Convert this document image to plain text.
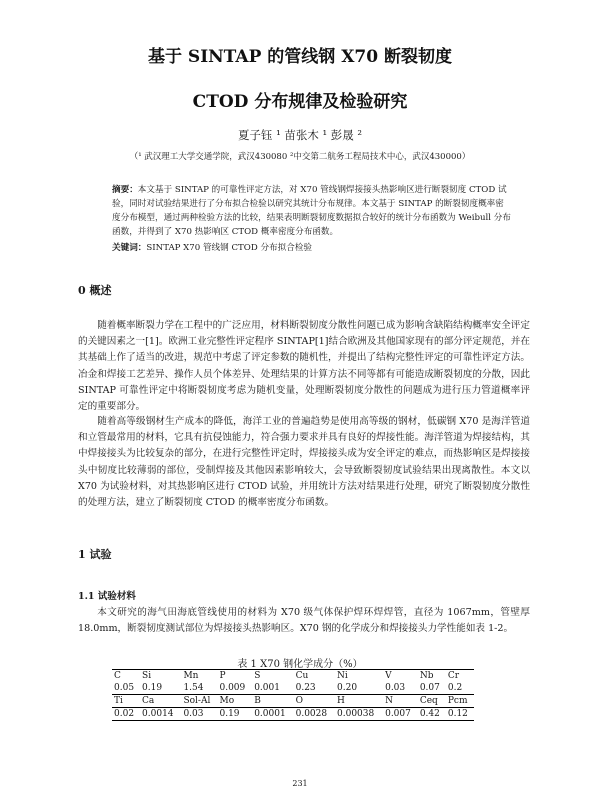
基于 SINTAP 的管线钢 X70 断裂韧度
CTOD 分布规律及检验研究
夏子钰 ¹ 苗张木 ¹ 彭晟 ²
（¹ 武汉理工大学交通学院，武汉430080 ²中交第二航务工程局技术中心，武汉430000）
摘要：本文基于 SINTAP 的可靠性评定方法，对 X70 管线钢焊接接头热影响区进行断裂韧度 CTOD 试验，同时对试验结果进行了分布拟合检验以研究其统计分布规律。本文基于 SINTAP 的断裂韧度概率密度分布模型，通过两种检验方法的比较，结果表明断裂韧度数据拟合较好的统计分布函数为 Weibull 分布函数，并得到了 X70 热影响区 CTOD 概率密度分布函数。
关键词：SINTAP X70 管线钢 CTOD 分布拟合检验
0 概述

随着概率断裂力学在工程中的广泛应用，材料断裂韧度分散性问题已成为影响含缺陷结构概率安全评定的关键因素之一[1]。欧洲工业完整性评定程序 SINTAP[1]结合欧洲及其他国家现有的部分评定规范，并在其基础上作了适当的改进，规范中考虑了评定参数的随机性，并提出了结构完整性评定的可靠性评定方法。冶金和焊接工艺差异、操作人员个体差异、处理结果的计算方法不同等都有可能造成断裂韧度的分散，因此 SINTAP 可靠性评定中将断裂韧度考虑为随机变量，处理断裂韧度分散性的问题成为进行压力管道概率评定的重要部分。

随着高等级钢材生产成本的降低，海洋工业的普遍趋势是使用高等级的钢材，低碳钢 X70 是海洋管道和立管最常用的材料，它具有抗侵蚀能力，符合强力要求并具有良好的焊接性能。海洋管道为焊接结构，其中焊接接头为比较复杂的部分，在进行完整性评定时，焊接接头成为安全评定的难点，而热影响区是焊接接头中韧度比较薄弱的部位，受制焊接及其他因素影响较大，会导致断裂韧度试验结果出现离散性。本文以 X70 为试验材料，对其热影响区进行 CTOD 试验，并用统计方法对结果进行处理，研究了断裂韧度分散性的处理方法，建立了断裂韧度 CTOD 的概率密度分布函数。

1 试验
1.1 试验材料

本文研究的海气田海底管线使用的材料为 X70 级气体保护焊环焊焊管，直径为 1067mm，管壁厚 18.0mm，断裂韧度测试部位为焊接接头热影响区。X70 钢的化学成分和焊接接头力学性能如表 1-2。

表 1 X70 钢化学成分（%）
C	Si	Mn	P	S	Cu	Ni	V	Nb	Cr
0.05	0.19	1.54	0.009	0.001	0.23	0.20	0.03	0.07	0.2
Ti	Ca	Sol-Al	Mo	B	O	H	N	Ceq	Pcm
0.02	0.0014	0.03	0.19	0.0001	0.0028	0.00038	0.007	0.42	0.12
231
